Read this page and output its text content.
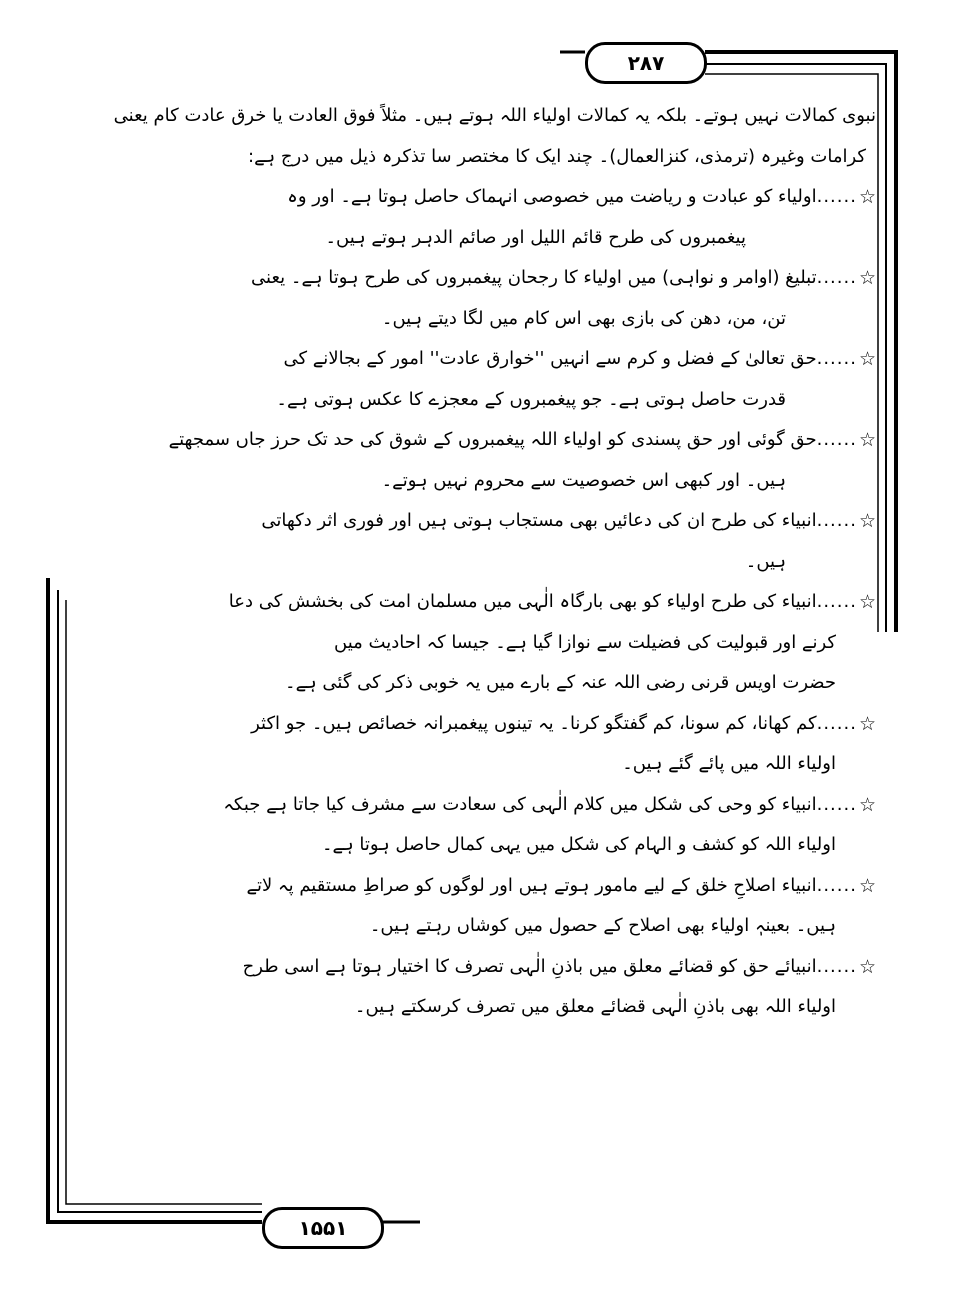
۲۸۷
۱۵۵۱
نبوی کمالات نہیں ہوتے۔ بلکہ یہ کمالات اولیاء اللہ ہوتے ہیں۔ مثلاً فوق العادت یا خرق عادت کام یعنی
کرامات وغیرہ (ترمذی، کنزالعمال)۔ چند ایک کا مختصر سا تذکرہ ذیل میں درج ہے:
☆
......
اولیاء کو عبادت و ریاضت میں خصوصی انہماک حاصل ہوتا ہے۔ اور وہ
پیغمبروں کی طرح قائم اللیل اور صائم الدہر ہوتے ہیں۔
☆
......
تبلیغ (اوامر و نواہی) میں اولیاء کا رجحان پیغمبروں کی طرح ہوتا ہے۔ یعنی
تن، من، دھن کی بازی بھی اس کام میں لگا دیتے ہیں۔
☆
......
حق تعالیٰ کے فضل و کرم سے انہیں ''خوارق عادت'' امور کے بجالانے کی
قدرت حاصل ہوتی ہے۔ جو پیغمبروں کے معجزے کا عکس ہوتی ہے۔
☆
......
حق گوئی اور حق پسندی کو اولیاء اللہ پیغمبروں کے شوق کی حد تک حرز جاں سمجھتے
ہیں۔ اور کبھی اس خصوصیت سے محروم نہیں ہوتے۔
☆
......
انبیاء کی طرح ان کی دعائیں بھی مستجاب ہوتی ہیں اور فوری اثر دکھاتی
ہیں۔
☆
......
انبیاء کی طرح اولیاء کو بھی بارگاہ الٰہی میں مسلمان امت کی بخشش کی دعا
کرنے اور قبولیت کی فضیلت سے نوازا گیا ہے۔ جیسا کہ احادیث میں
حضرت اویس قرنی رضی اللہ عنہ کے بارے میں یہ خوبی ذکر کی گئی ہے۔
☆
......
کم کھانا، کم سونا، کم گفتگو کرنا۔ یہ تینوں پیغمبرانہ خصائص ہیں۔ جو اکثر
اولیاء اللہ میں پائے گئے ہیں۔
☆
......
انبیاء کو وحی کی شکل میں کلام الٰہی کی سعادت سے مشرف کیا جاتا ہے جبکہ
اولیاء اللہ کو کشف و الہام کی شکل میں یہی کمال حاصل ہوتا ہے۔
☆
......
انبیاء اصلاحِ خلق کے لیے مامور ہوتے ہیں اور لوگوں کو صراطِ مستقیم پہ لاتے
ہیں۔ بعینہٖ اولیاء بھی اصلاح کے حصول میں کوشاں رہتے ہیں۔
☆
......
انبیائے حق کو قضائے معلق میں باذنِ الٰہی تصرف کا اختیار ہوتا ہے اسی طرح
اولیاء اللہ بھی باذنِ الٰہی قضائے معلق میں تصرف کرسکتے ہیں۔
